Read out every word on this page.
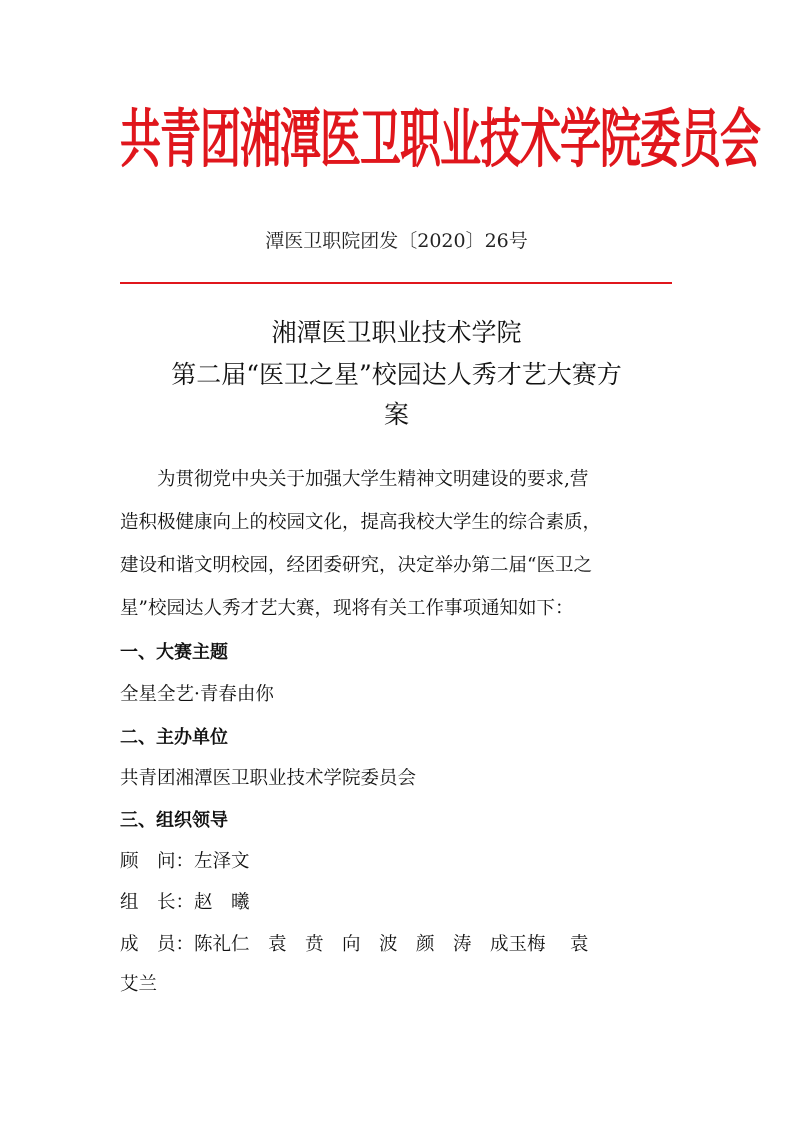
共青团湘潭医卫职业技术学院委员会
潭医卫职院团发〔2020〕26号
湘潭医卫职业技术学院
第二届“医卫之星”校园达人秀才艺大赛方
案
为贯彻党中央关于加强大学生精神文明建设的要求,营
造积极健康向上的校园文化，提高我校大学生的综合素质，
建设和谐文明校园，经团委研究，决定举办第二届“医卫之
星”校园达人秀才艺大赛，现将有关工作事项通知如下：
一、大赛主题
全星全艺·青春由你
二、主办单位
共青团湘潭医卫职业技术学院委员会
三、组织领导
顾　问：左泽文
组　长：赵　曦
成　员：陈礼仁　袁　贲　向　波　颜　涛　成玉梅　 袁
艾兰
